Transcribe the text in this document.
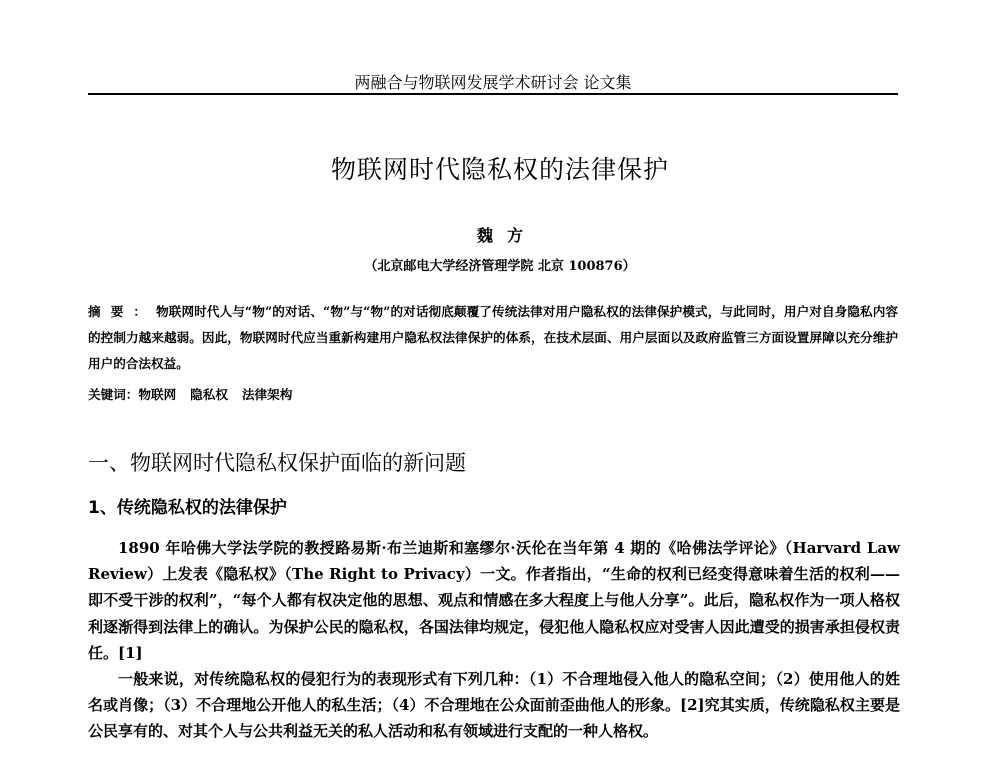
两融合与物联网发展学术研讨会 论文集
物联网时代隐私权的法律保护
魏方
（北京邮电大学经济管理学院 北京 100876）
摘要：物联网时代人与“物”的对话、“物”与“物”的对话彻底颠覆了传统法律对用户隐私权的法律保护模式，与此同时，用户对自身隐私内容的控制力越来越弱。因此，物联网时代应当重新构建用户隐私权法律保护的体系，在技术层面、用户层面以及政府监管三方面设置屏障以充分维护用户的合法权益。
关键词：物联网 隐私权 法律架构
一、物联网时代隐私权保护面临的新问题
1、传统隐私权的法律保护

1890 年哈佛大学法学院的教授路易斯·布兰迪斯和塞缪尔·沃伦在当年第 4 期的《哈佛法学评论》（Harvard Law Review）上发表《隐私权》（The Right to Privacy）一文。作者指出，“生命的权利已经变得意味着生活的权利——即不受干涉的权利”，“每个人都有权决定他的思想、观点和情感在多大程度上与他人分享”。此后，隐私权作为一项人格权利逐渐得到法律上的确认。为保护公民的隐私权，各国法律均规定，侵犯他人隐私权应对受害人因此遭受的损害承担侵权责任。[1]

一般来说，对传统隐私权的侵犯行为的表现形式有下列几种：（1）不合理地侵入他人的隐私空间；（2）使用他人的姓名或肖像；（3）不合理地公开他人的私生活；（4）不合理地在公众面前歪曲他人的形象。[2]究其实质，传统隐私权主要是公民享有的、对其个人与公共利益无关的私人活动和私有领域进行支配的一种人格权。
